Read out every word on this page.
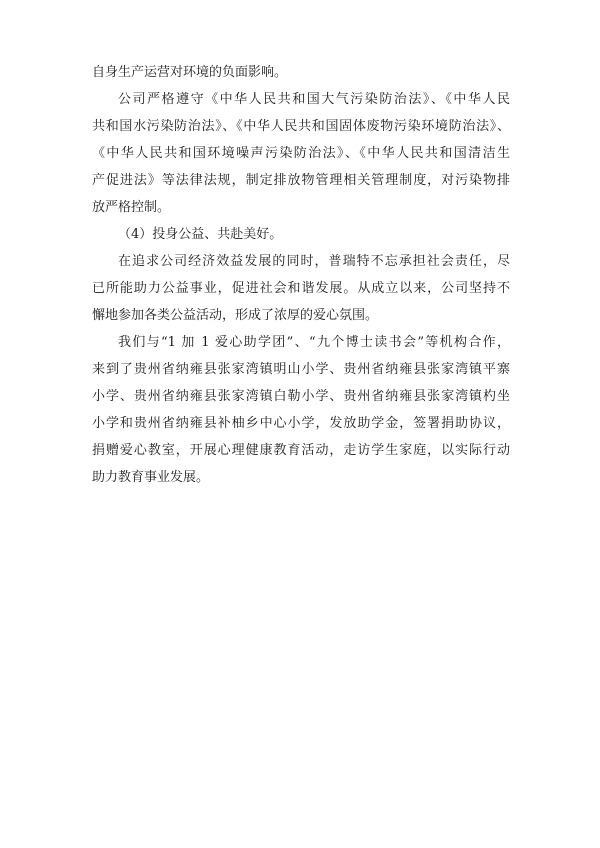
自身生产运营对环境的负面影响。
公司严格遵守《中华人民共和国大气污染防治法》、《中华人民
共和国水污染防治法》、《中华人民共和国固体废物污染环境防治法》、
《中华人民共和国环境噪声污染防治法》、《中华人民共和国清洁生
产促进法》等法律法规，制定排放物管理相关管理制度，对污染物排
放严格控制。
（4）投身公益、共赴美好。
在追求公司经济效益发展的同时，普瑞特不忘承担社会责任，尽
已所能助力公益事业，促进社会和谐发展。从成立以来，公司坚持不
懈地参加各类公益活动，形成了浓厚的爱心氛围。
我们与“1 加 1 爱心助学团”、“九个博士读书会”等机构合作，
来到了贵州省纳雍县张家湾镇明山小学、贵州省纳雍县张家湾镇平寨
小学、贵州省纳雍县张家湾镇白勒小学、贵州省纳雍县张家湾镇杓坐
小学和贵州省纳雍县补柚乡中心小学，发放助学金，签署捐助协议，
捐赠爱心教室，开展心理健康教育活动，走访学生家庭，以实际行动
助力教育事业发展。
